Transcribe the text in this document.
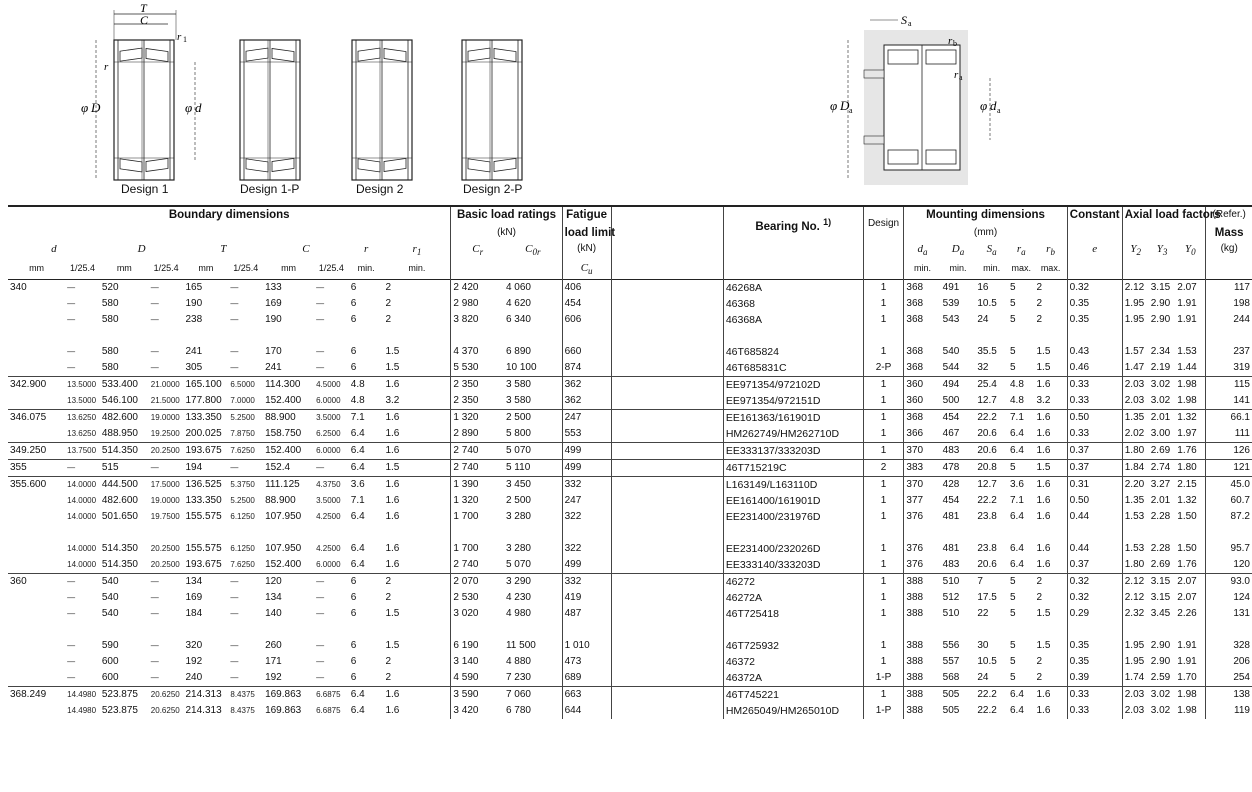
T
C
r 1
r
φ D	φ d
S a
r b
r a
φ D a	φ d a
Design 1	Design 1-P	Design 2	Design 2-P
Boundary dimensions										Basic load ratings		Fatigue		Bearing No. $^{1)}$	Design	Mounting dimensions					Constant	Axial load factors			(Refer.)
										(kN)		load limit				(mm)									Mass
d		D		T		C		r	$r_1$	$C_r$	$C_{0r}$	(kN)				$d_a$	$D_a$	$S_a$	$r_a$	$r_b$	e	$Y_2$	$Y_3$	$Y_0$	(kg)
mm	1/25.4	mm	1/25.4	mm	1/25.4	mm	1/25.4	min.	min.			$C_u$				min.	min.	min.	max.	max.					
340	—	520	—	165	—	133	—	6	2	2 420	4 060	406		46268A	1	368	491	16	5	2	0.32	2.12	3.15	2.07	117
	—	580	—	190	—	169	—	6	2	2 980	4 620	454		46368	1	368	539	10.5	5	2	0.35	1.95	2.90	1.91	198
	—	580	—	238	—	190	—	6	2	3 820	6 340	606		46368A	1	368	543	24	5	2	0.35	1.95	2.90	1.91	244

	—	580	—	241	—	170	—	6	1.5	4 370	6 890	660		46T685824	1	368	540	35.5	5	1.5	0.43	1.57	2.34	1.53	237
	—	580	—	305	—	241	—	6	1.5	5 530	10 100	874		46T685831C	2-P	368	544	32	5	1.5	0.46	1.47	2.19	1.44	319
342.900	13.5000	533.400	21.0000	165.100	6.5000	114.300	4.5000	4.8	1.6	2 350	3 580	362		EE971354/972102D	1	360	494	25.4	4.8	1.6	0.33	2.03	3.02	1.98	115
	13.5000	546.100	21.5000	177.800	7.0000	152.400	6.0000	4.8	3.2	2 350	3 580	362		EE971354/972151D	1	360	500	12.7	4.8	3.2	0.33	2.03	3.02	1.98	141
346.075	13.6250	482.600	19.0000	133.350	5.2500	88.900	3.5000	7.1	1.6	1 320	2 500	247		EE161363/161901D	1	368	454	22.2	7.1	1.6	0.50	1.35	2.01	1.32	66.1
	13.6250	488.950	19.2500	200.025	7.8750	158.750	6.2500	6.4	1.6	2 890	5 800	553		HM262749/HM262710D	1	366	467	20.6	6.4	1.6	0.33	2.02	3.00	1.97	111
349.250	13.7500	514.350	20.2500	193.675	7.6250	152.400	6.0000	6.4	1.6	2 740	5 070	499		EE333137/333203D	1	370	483	20.6	6.4	1.6	0.37	1.80	2.69	1.76	126
355	—	515	—	194	—	152.4	—	6.4	1.5	2 740	5 110	499		46T715219C	2	383	478	20.8	5	1.5	0.37	1.84	2.74	1.80	121
355.600	14.0000	444.500	17.5000	136.525	5.3750	111.125	4.3750	3.6	1.6	1 390	3 450	332		L163149/L163110D	1	370	428	12.7	3.6	1.6	0.31	2.20	3.27	2.15	45.0
	14.0000	482.600	19.0000	133.350	5.2500	88.900	3.5000	7.1	1.6	1 320	2 500	247		EE161400/161901D	1	377	454	22.2	7.1	1.6	0.50	1.35	2.01	1.32	60.7
	14.0000	501.650	19.7500	155.575	6.1250	107.950	4.2500	6.4	1.6	1 700	3 280	322		EE231400/231976D	1	376	481	23.8	6.4	1.6	0.44	1.53	2.28	1.50	87.2

	14.0000	514.350	20.2500	155.575	6.1250	107.950	4.2500	6.4	1.6	1 700	3 280	322		EE231400/232026D	1	376	481	23.8	6.4	1.6	0.44	1.53	2.28	1.50	95.7
	14.0000	514.350	20.2500	193.675	7.6250	152.400	6.0000	6.4	1.6	2 740	5 070	499		EE333140/333203D	1	376	483	20.6	6.4	1.6	0.37	1.80	2.69	1.76	120
360	—	540	—	134	—	120	—	6	2	2 070	3 290	332		46272	1	388	510	7	5	2	0.32	2.12	3.15	2.07	93.0
	—	540	—	169	—	134	—	6	2	2 530	4 230	419		46272A	1	388	512	17.5	5	2	0.32	2.12	3.15	2.07	124
	—	540	—	184	—	140	—	6	1.5	3 020	4 980	487		46T725418	1	388	510	22	5	1.5	0.29	2.32	3.45	2.26	131

	—	590	—	320	—	260	—	6	1.5	6 190	11 500	1 010		46T725932	1	388	556	30	5	1.5	0.35	1.95	2.90	1.91	328
	—	600	—	192	—	171	—	6	2	3 140	4 880	473		46372	1	388	557	10.5	5	2	0.35	1.95	2.90	1.91	206
	—	600	—	240	—	192	—	6	2	4 590	7 230	689		46372A	1-P	388	568	24	5	2	0.39	1.74	2.59	1.70	254
368.249	14.4980	523.875	20.6250	214.313	8.4375	169.863	6.6875	6.4	1.6	3 590	7 060	663		46T745221	1	388	505	22.2	6.4	1.6	0.33	2.03	3.02	1.98	138
	14.4980	523.875	20.6250	214.313	8.4375	169.863	6.6875	6.4	1.6	3 420	6 780	644		HM265049/HM265010D	1-P	388	505	22.2	6.4	1.6	0.33	2.03	3.02	1.98	119
